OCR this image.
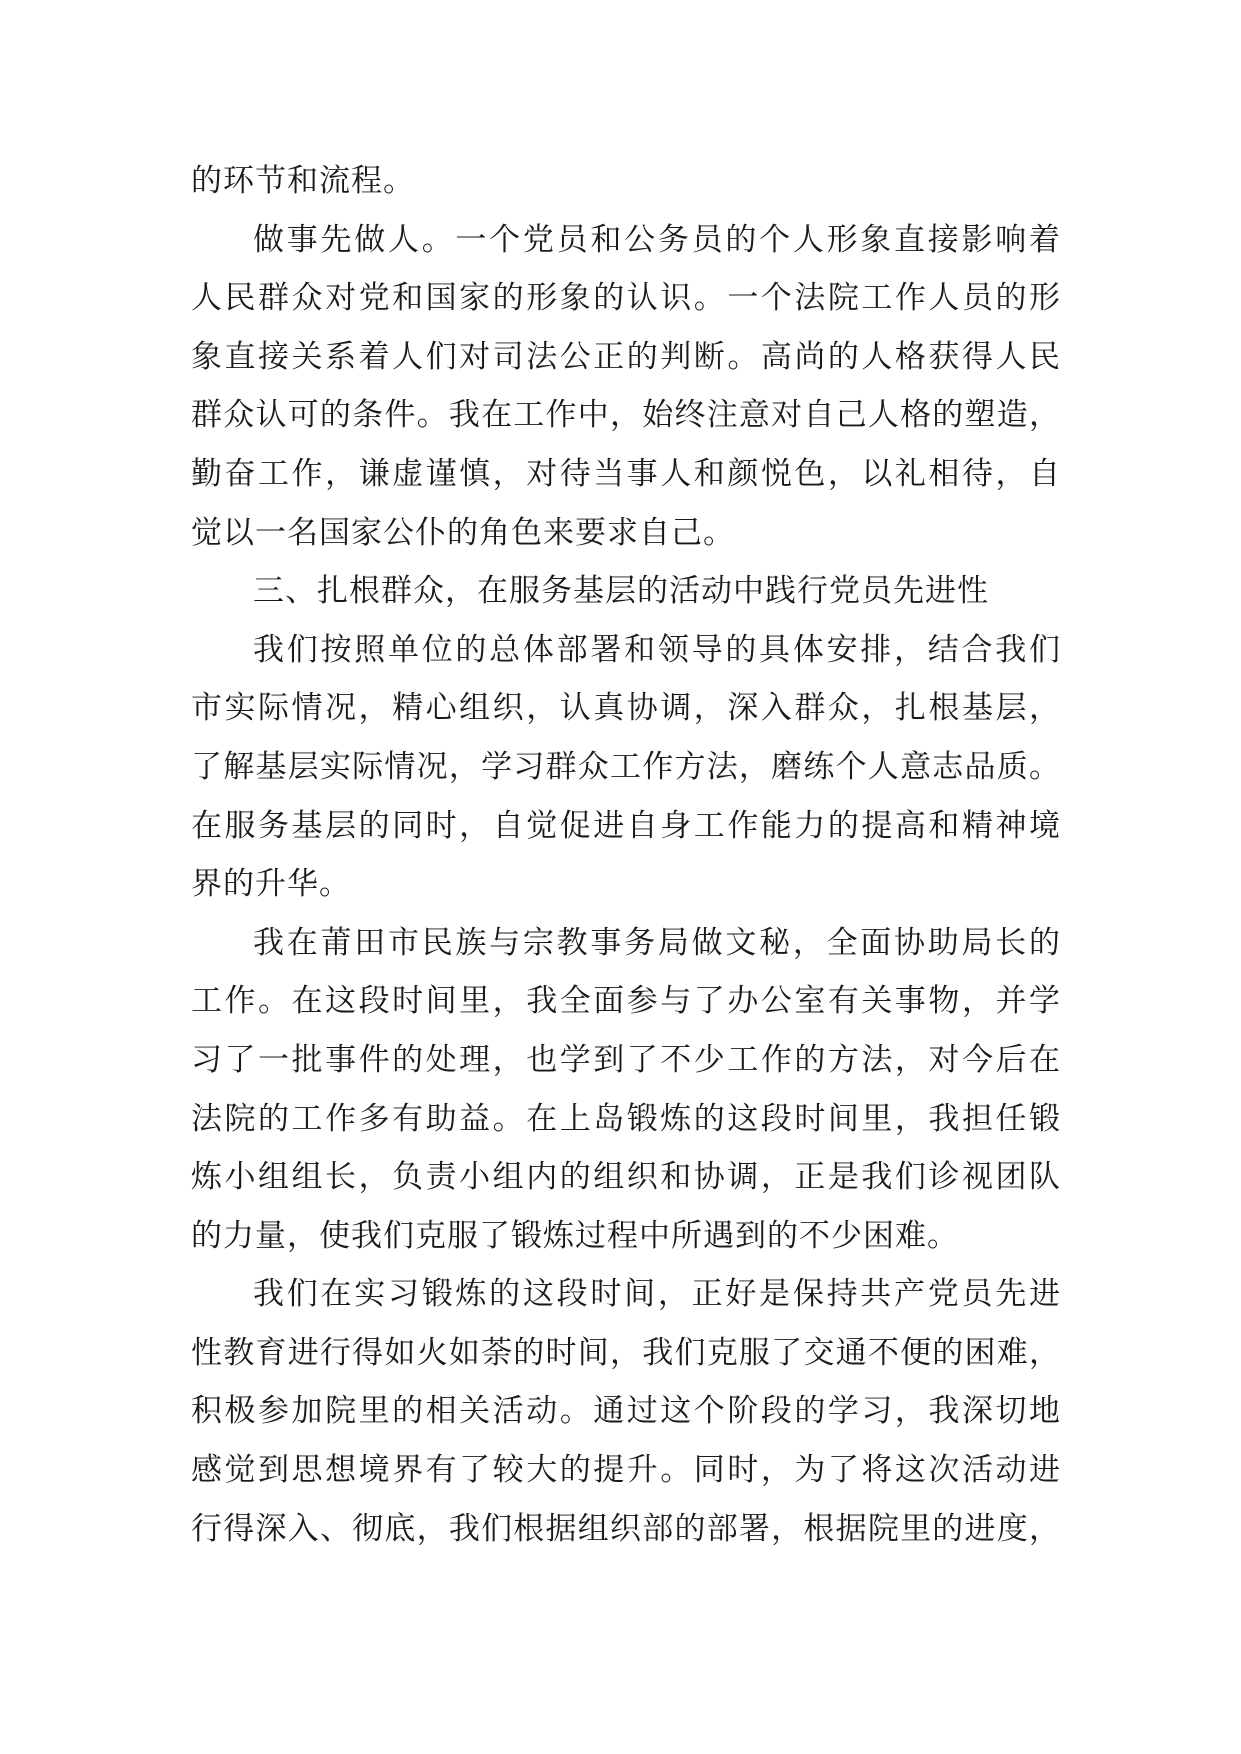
的环节和流程。
做事先做人。一个党员和公务员的个人形象直接影响着
人民群众对党和国家的形象的认识。一个法院工作人员的形
象直接关系着人们对司法公正的判断。高尚的人格获得人民
群众认可的条件。我在工作中，始终注意对自己人格的塑造，
勤奋工作，谦虚谨慎，对待当事人和颜悦色，以礼相待，自
觉以一名国家公仆的角色来要求自己。
三、扎根群众，在服务基层的活动中践行党员先进性
我们按照单位的总体部署和领导的具体安排，结合我们
市实际情况，精心组织，认真协调，深入群众，扎根基层，
了解基层实际情况，学习群众工作方法，磨练个人意志品质。
在服务基层的同时，自觉促进自身工作能力的提高和精神境
界的升华。
我在莆田市民族与宗教事务局做文秘，全面协助局长的
工作。在这段时间里，我全面参与了办公室有关事物，并学
习了一批事件的处理，也学到了不少工作的方法，对今后在
法院的工作多有助益。在上岛锻炼的这段时间里，我担任锻
炼小组组长，负责小组内的组织和协调，正是我们诊视团队
的力量，使我们克服了锻炼过程中所遇到的不少困难。
我们在实习锻炼的这段时间，正好是保持共产党员先进
性教育进行得如火如荼的时间，我们克服了交通不便的困难，
积极参加院里的相关活动。通过这个阶段的学习，我深切地
感觉到思想境界有了较大的提升。同时，为了将这次活动进
行得深入、彻底，我们根据组织部的部署，根据院里的进度，
